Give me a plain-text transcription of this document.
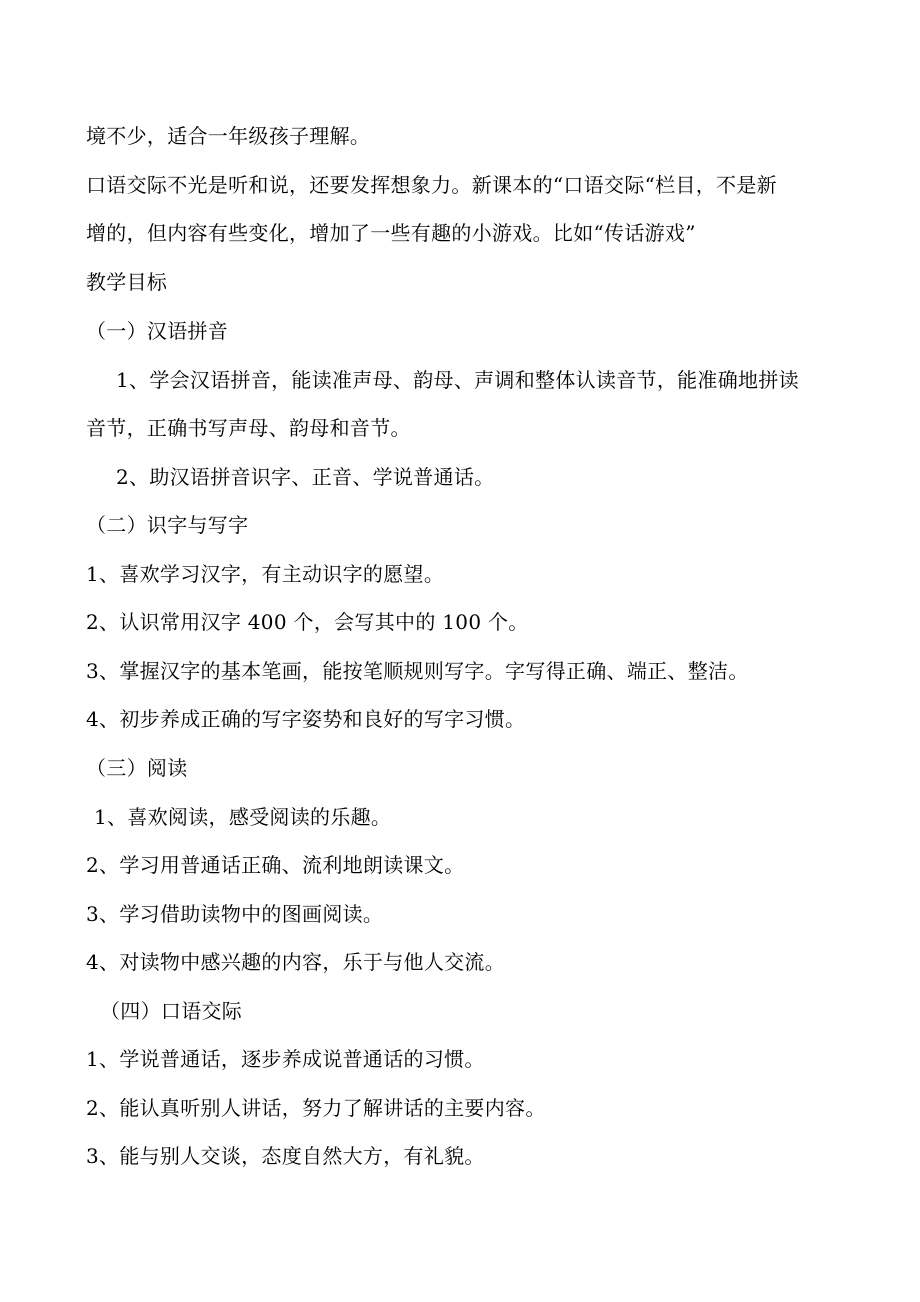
境不少，适合一年级孩子理解。
口语交际不光是听和说，还要发挥想象力。新课本的“口语交际“栏目，不是新
增的，但内容有些变化，增加了一些有趣的小游戏。比如“传话游戏”
教学目标
（一）汉语拼音
1、学会汉语拼音，能读准声母、韵母、声调和整体认读音节，能准确地拼读
音节，正确书写声母、韵母和音节。
2、助汉语拼音识字、正音、学说普通话。
（二）识字与写字
1、喜欢学习汉字，有主动识字的愿望。
2、认识常用汉字 400 个，会写其中的 100 个。
3、掌握汉字的基本笔画，能按笔顺规则写字。字写得正确、端正、整洁。
4、初步养成正确的写字姿势和良好的写字习惯。
（三）阅读
1、喜欢阅读，感受阅读的乐趣。
2、学习用普通话正确、流利地朗读课文。
3、学习借助读物中的图画阅读。
4、对读物中感兴趣的内容，乐于与他人交流。
（四）口语交际
1、学说普通话，逐步养成说普通话的习惯。
2、能认真听别人讲话，努力了解讲话的主要内容。
3、能与别人交谈，态度自然大方，有礼貌。
